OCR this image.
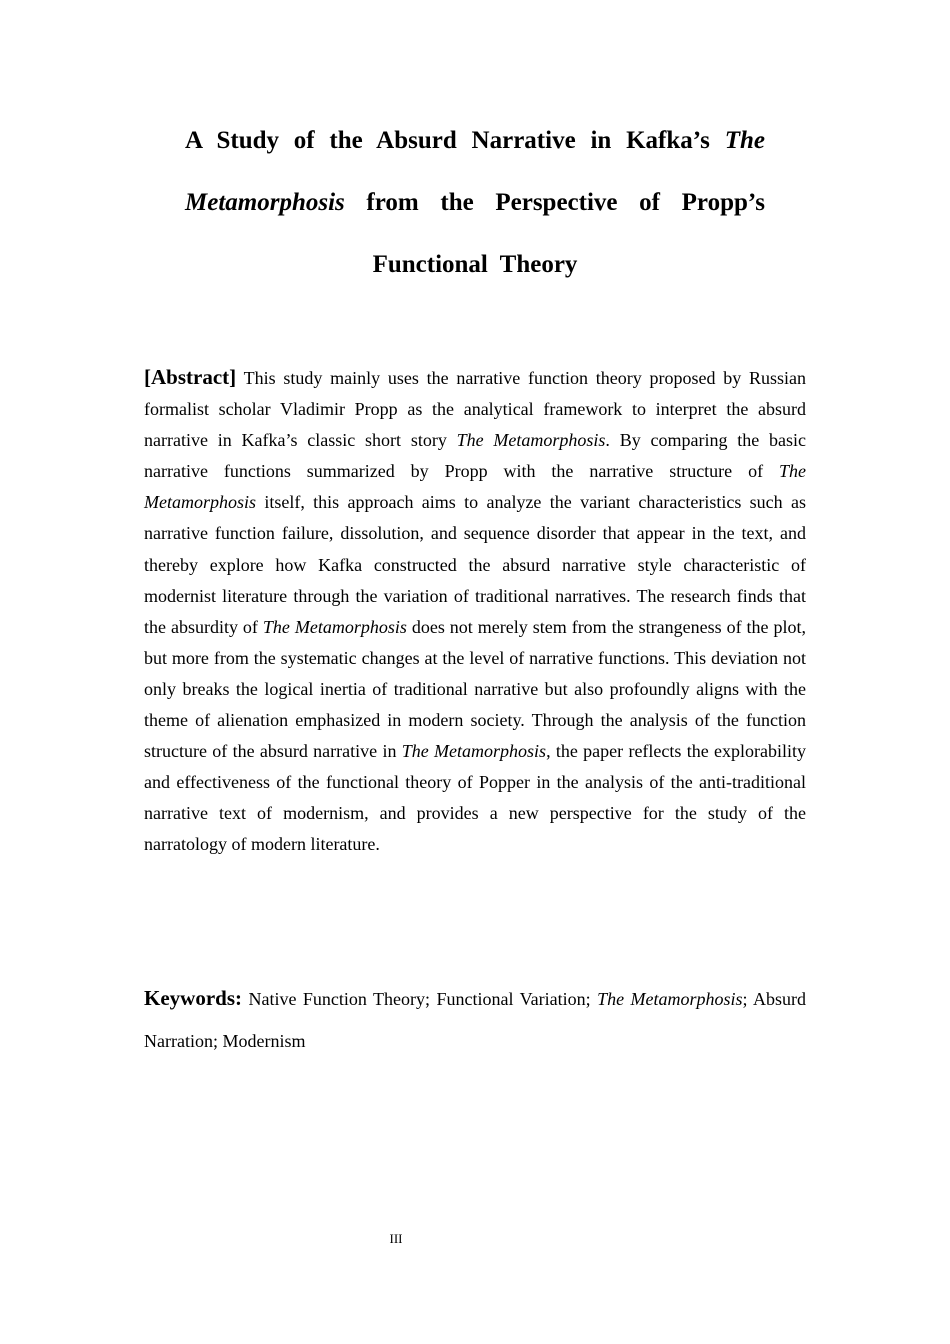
A Study of the Absurd Narrative in Kafka’s The Metamorphosis from the Perspective of Propp’s Functional Theory

[Abstract] This study mainly uses the narrative function theory proposed by Russian formalist scholar Vladimir Propp as the analytical framework to interpret the absurd narrative in Kafka’s classic short story The Metamorphosis. By comparing the basic narrative functions summarized by Propp with the narrative structure of The Metamorphosis itself, this approach aims to analyze the variant characteristics such as narrative function failure, dissolution, and sequence disorder that appear in the text, and thereby explore how Kafka constructed the absurd narrative style characteristic of modernist literature through the variation of traditional narratives. The research finds that the absurdity of The Metamorphosis does not merely stem from the strangeness of the plot, but more from the systematic changes at the level of narrative functions. This deviation not only breaks the logical inertia of traditional narrative but also profoundly aligns with the theme of alienation emphasized in modern society. Through the analysis of the function structure of the absurd narrative in The Metamorphosis, the paper reflects the explorability and effectiveness of the functional theory of Popper in the analysis of the anti-traditional narrative text of modernism, and provides a new perspective for the study of the narratology of modern literature.

Keywords: Native Function Theory; Functional Variation; The Metamorphosis; Absurd Narration; Modernism

III
